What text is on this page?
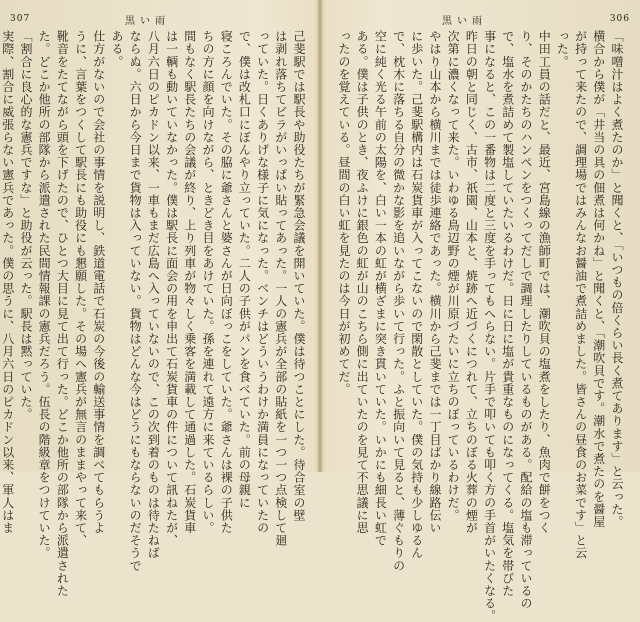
307	黒い雨

己斐駅では駅長や助役たちが緊急会議を開いていた。僕は待つことにした。待合室の壁

は剥れ落ちてビラがいっぱい貼ってあった。一人の憲兵が全部の貼紙を一つ一つ点検して廻

っていた。日くありげな様子に気になった。ベンチはどういうわけか満員になっていたの

で、僕は改札口にぼんやり立っていた。二人の子供がパンを食べていた。前の母親に

寝ころんでいた。その脇に爺さんと婆さんが日向ぼっこをしていた。爺さんは裸の子供た

ちの方に顔を向けながら、ときどき目をあけていた。孫を連れて遠方に来ているらしい。

間もなく駅長たちの会議が終り、上り列車が物々しく乗客を満載して通過した。石炭貨車

は一輌も動いていなかった。僕は駅長に面会の用を申出て石炭貨車の件について訊ねたが、

八月六日のピカドン以来、一車もまだ広島へ入っていないので、この次到着のものは待たねば

ならぬ。六日から今日まで貨物は入っていない。貨物はどんな今はどうにもならないのだそうで

ある。

仕方がないので会社の事情を説明し、鉄道電話で石炭の今後の輸送事情を調べてもらうよ

うに、言葉をつくして駅長にも助役にも懇願した。その場へ憲兵が無言のままやって来て、

靴音をたてながら頭を下げたので、ひとつ大目に見て出て行った。どこか他所の部隊から派遣された

た。どこか他所の部隊から派遣された民間情報課の憲兵だろう。伍長の階級章をつけていた。

「割合に良心的な憲兵ですな」と助役が云った。駅長は黙っていた。

実際、割合に威張らない憲兵であった。僕の思うに、八月六日のピカドン以来、軍人はま

黒い雨	306

「味噌汁はよく煮たのか」と聞くと、「いつもの倍くらい長く煮てあります」と云った。

横合から僕が「井当の具の佃煮は何かね」と聞くと、「潮吹貝です。潮水で煮たのを醤屋

が持って来たので、調理場ではみんなお醤油で煮詰めました。皆さんの昼食のお菜です」と云

った。

中田工員の話だと、最近、宮島線の漁師町では、潮吹貝の塩煮をしたり、魚肉で餅をつく

り、そのかたちのハンペンをつくってだしで調理したりしているものがある。配給の塩も滞っているの

で、塩水を煮詰めて製塩していたいるわけだ。日に日に塩が貴重なものになってくる。塩気を帯びた

事になると、この一番物は二度と三度を手ってもへらない。片手で叩いても叩く方の手首がいたくなる。

昨日の朝と同じく、古市、祇園、山本と、焼跡へ近づくにつれて、立ちのぼる火葬の煙が

次第に濃くなって来た。いわゆる鳥辺野の煙が川原づたいに立ちのぼっているわけだ。

やはり山本から横川までは徒歩連絡であった。横川から己斐までは一丁目ばかり線路伝い

に歩いた。己斐駅構内は石炭貨車が入ってこないので閑散としていた。僕の気持も少しゆるん

で、枕木に落ちる自分の微かな影を追いながら歩いて行った。ふと振向いて見ると、薄ぐもりの

空に純く光る午前の太陽を、白い一本の虹が横ざまに突き貫いていた。いかにも細長い虹で

ある。僕は子供のとき、夜ふけに銀色の虹が山のこちら側に出ていたのを見て不思議に思

ったのを覚えている。昼間の白い虹を見たのは今日が初めてだ。
